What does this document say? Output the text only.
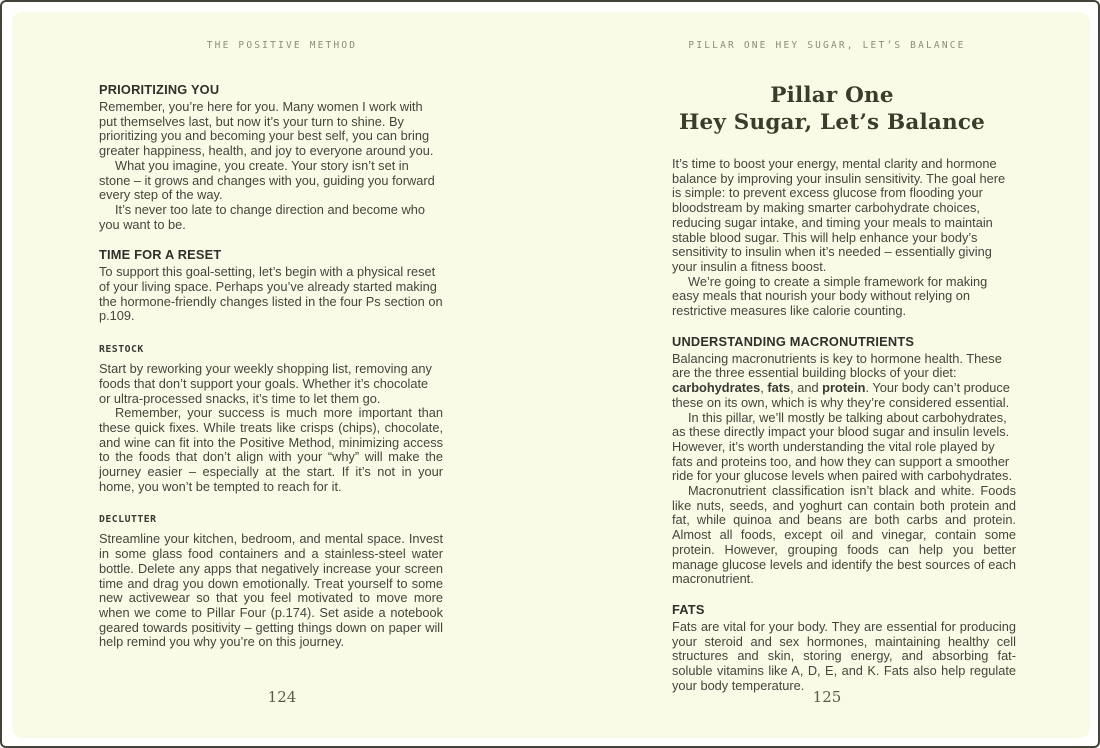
THE POSITIVE METHOD	PILLAR ONE HEY SUGAR, LET’S BALANCE
PRIORITIZING YOU

Remember, you’re here for you. Many women I work with put themselves last, but now it’s your turn to shine. By prioritizing you and becoming your best self, you can bring greater happiness, health, and joy to everyone around you.

What you imagine, you create. Your story isn’t set in stone – it grows and changes with you, guiding you forward every step of the way.

It’s never too late to change direction and become who you want to be.

TIME FOR A RESET

To support this goal-setting, let’s begin with a physical reset of your living space. Perhaps you’ve already started making the hormone-friendly changes listed in the four Ps section on p.109.

RESTOCK

Start by reworking your weekly shopping list, removing any foods that don’t support your goals. Whether it’s chocolate or ultra-processed snacks, it’s time to let them go.

Remember, your success is much more important than these quick fixes. While treats like crisps (chips), chocolate, and wine can fit into the Positive Method, minimizing access to the foods that don’t align with your “why” will make the journey easier – especially at the start. If it’s not in your home, you won’t be tempted to reach for it.

DECLUTTER

Streamline your kitchen, bedroom, and mental space. Invest in some glass food containers and a stainless-steel water bottle. Delete any apps that negatively increase your screen time and drag you down emotionally. Treat yourself to some new activewear so that you feel motivated to move more when we come to Pillar Four (p.174). Set aside a notebook geared towards positivity – getting things down on paper will help remind you why you’re on this journey.

Pillar One
Hey Sugar, Let’s Balance

It’s time to boost your energy, mental clarity and hormone balance by improving your insulin sensitivity. The goal here is simple: to prevent excess glucose from flooding your bloodstream by making smarter carbohydrate choices, reducing sugar intake, and timing your meals to maintain stable blood sugar. This will help enhance your body’s sensitivity to insulin when it’s needed – essentially giving your insulin a fitness boost.

We’re going to create a simple framework for making easy meals that nourish your body without relying on restrictive measures like calorie counting.

UNDERSTANDING MACRONUTRIENTS

Balancing macronutrients is key to hormone health. These are the three essential building blocks of your diet: carbohydrates, fats, and protein. Your body can’t produce these on its own, which is why they’re considered essential.

In this pillar, we’ll mostly be talking about carbohydrates, as these directly impact your blood sugar and insulin levels. However, it’s worth understanding the vital role played by fats and proteins too, and how they can support a smoother ride for your glucose levels when paired with carbohydrates.

Macronutrient classification isn’t black and white. Foods like nuts, seeds, and yoghurt can contain both protein and fat, while quinoa and beans are both carbs and protein. Almost all foods, except oil and vinegar, contain some protein. However, grouping foods can help you better manage glucose levels and identify the best sources of each macronutrient.

FATS

Fats are vital for your body. They are essential for producing your steroid and sex hormones, maintaining healthy cell structures and skin, storing energy, and absorbing fat-soluble vitamins like A, D, E, and K. Fats also help regulate your body temperature.

124	125
